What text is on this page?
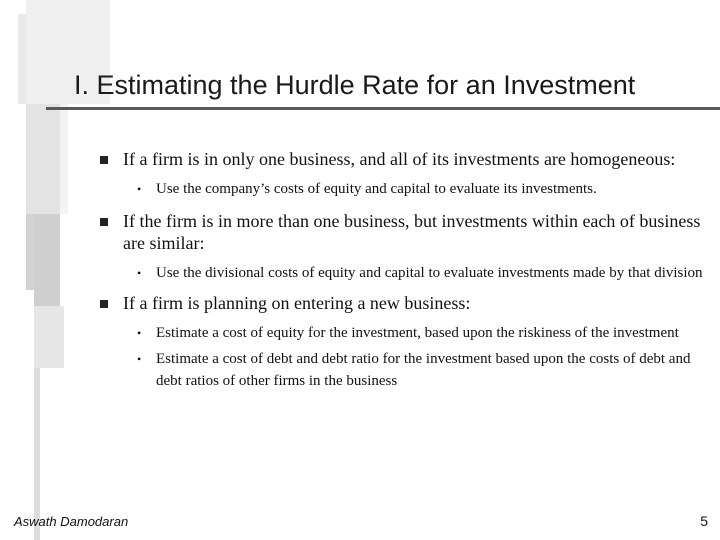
I. Estimating the Hurdle Rate for an Investment
If a firm is in only one business, and all of its investments are homogeneous:
• Use the company’s costs of equity and capital to evaluate its investments.
If the firm is in more than one business, but investments within each of business are similar:
• Use the divisional costs of equity and capital to evaluate investments made by that division
If a firm is planning on entering a new business:
• Estimate a cost of equity for the investment, based upon the riskiness of the investment
• Estimate a cost of debt and debt ratio for the investment based upon the costs of debt and debt ratios of other firms in the business
Aswath Damodaran	5
